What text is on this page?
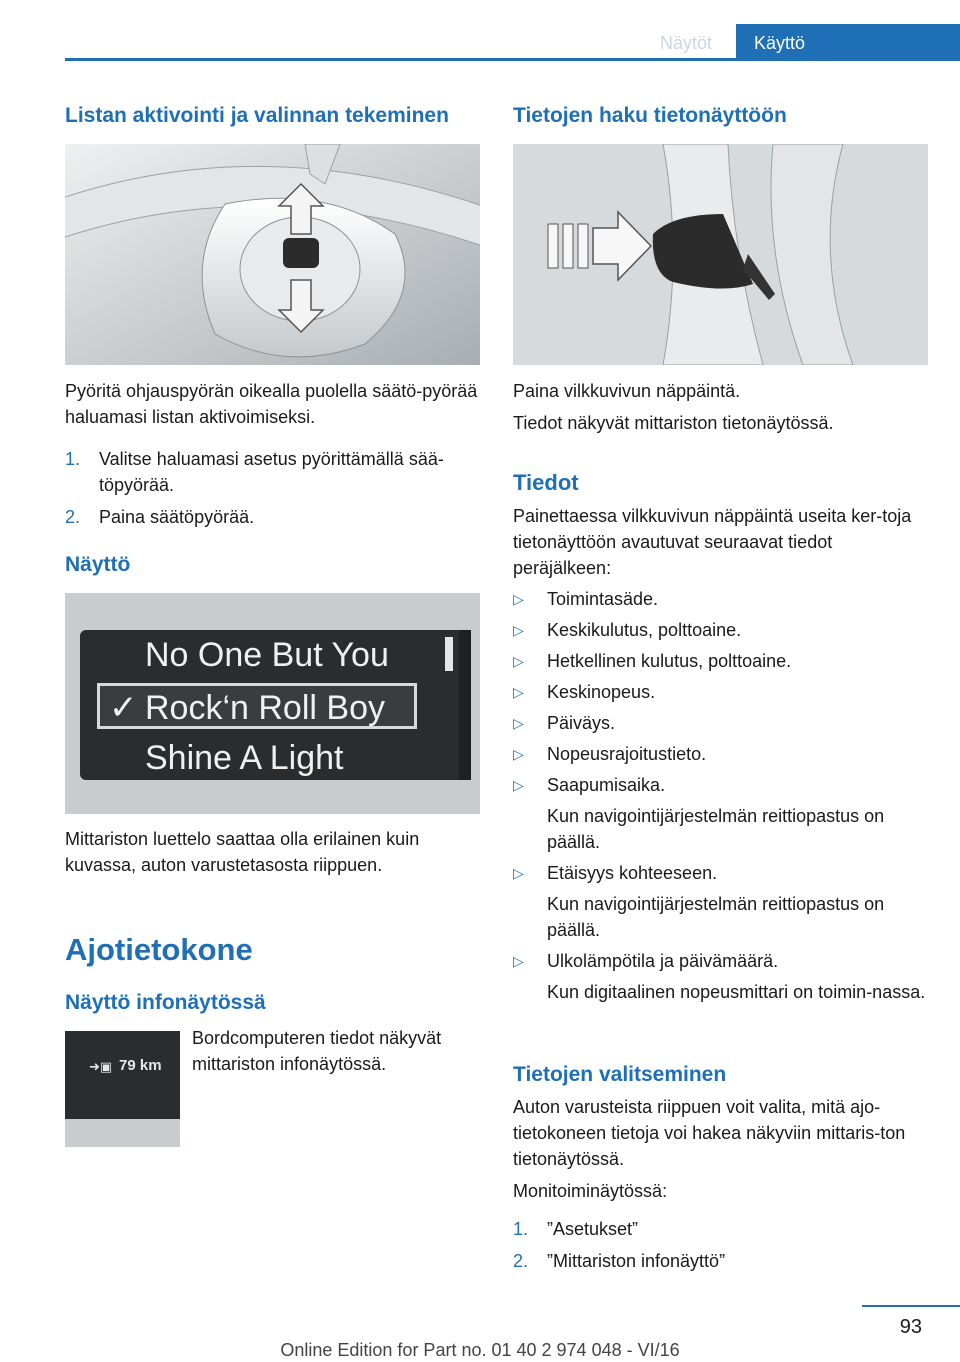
Näytöt	Käyttö
Listan aktivointi ja valinnan tekeminen

Pyöritä ohjauspyörän oikealla puolella säätö-pyörää haluamasi listan aktivoimiseksi.

1. Valitse haluamasi asetus pyörittämällä sää-töpyörää.
2. Paina säätöpyörää.
Näyttö
No One But You
✓ Rock‘n Roll Boy
Shine A Light

Mittariston luettelo saattaa olla erilainen kuin kuvassa, auton varustetasosta riippuen.

Ajotietokone
Näyttö infonäytössä
➜▣ 79 km

Bordcomputeren tiedot näkyvät mittariston infonäytössä.

Tietojen haku tietonäyttöön

Paina vilkkuvivun näppäintä.

Tiedot näkyvät mittariston tietonäytössä.

Tiedot

Painettaessa vilkkuvivun näppäintä useita ker-toja tietonäyttöön avautuvat seuraavat tiedot peräjälkeen:

▷ Toimintasäde.
▷ Keskikulutus, polttoaine.
▷ Hetkellinen kulutus, polttoaine.
▷ Keskinopeus.
▷ Päiväys.
▷ Nopeusrajoitustieto.
▷ Saapumisaika.
Kun navigointijärjestelmän reittiopastus on päällä.
▷ Etäisyys kohteeseen.
Kun navigointijärjestelmän reittiopastus on päällä.
▷ Ulkolämpötila ja päivämäärä.
Kun digitaalinen nopeusmittari on toimin-nassa.
Tietojen valitseminen

Auton varusteista riippuen voit valita, mitä ajo-tietokoneen tietoja voi hakea näkyviin mittaris-ton tietonäytössä.

Monitoiminäytössä:

1. ”Asetukset”
2. ”Mittariston infonäyttö”
93
Online Edition for Part no. 01 40 2 974 048 - VI/16
